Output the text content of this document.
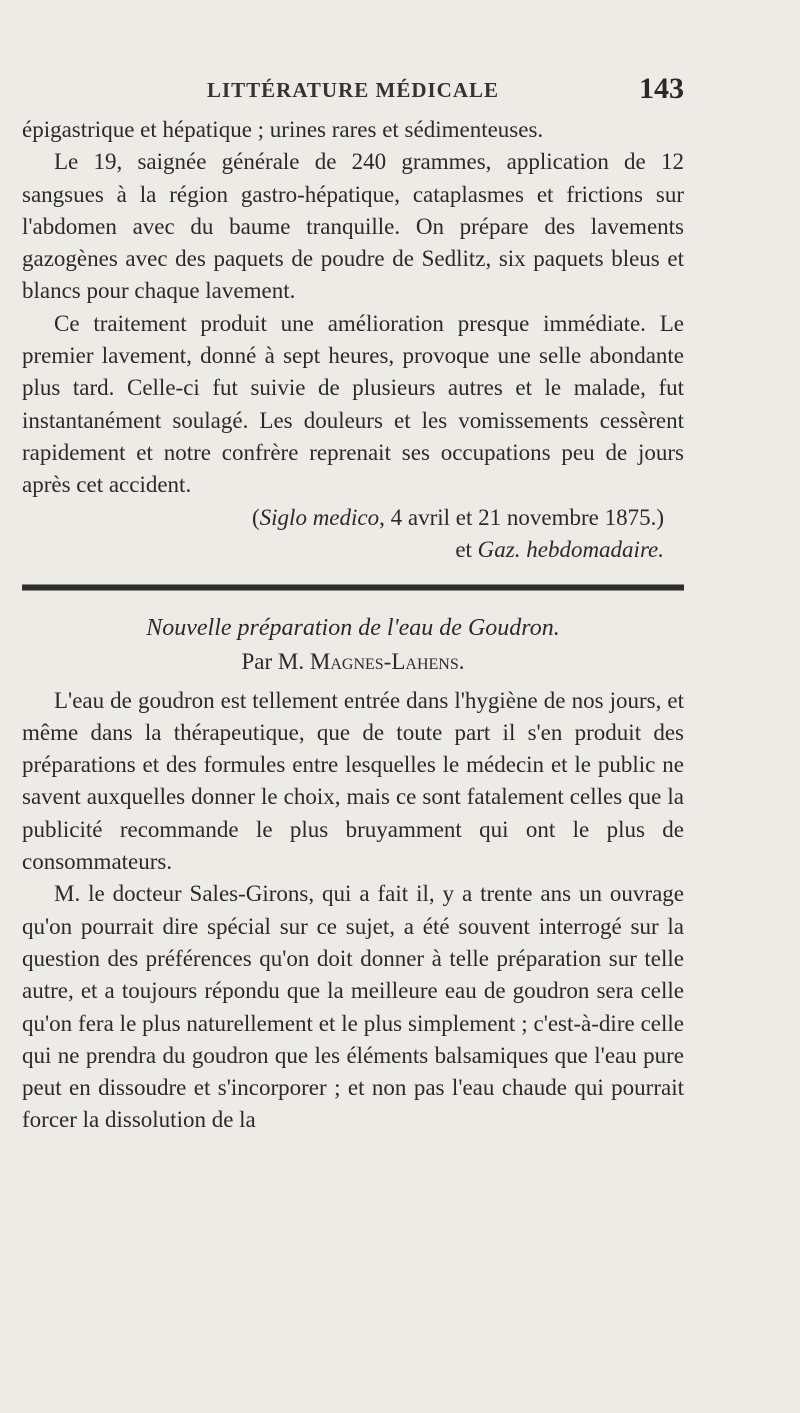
LITTÉRATURE MÉDICALE	143

épigastrique et hépatique ; urines rares et sédimenteuses.

Le 19, saignée générale de 240 grammes, application de 12 sangsues à la région gastro-hépatique, cataplasmes et frictions sur l'abdomen avec du baume tranquille. On prépare des lavements gazogènes avec des paquets de poudre de Sedlitz, six paquets bleus et blancs pour chaque lavement.

Ce traitement produit une amélioration presque immédiate. Le premier lavement, donné à sept heures, provoque une selle abondante plus tard. Celle-ci fut suivie de plusieurs autres et le malade, fut instantanément soulagé. Les douleurs et les vomissements cessèrent rapidement et notre confrère reprenait ses occupations peu de jours après cet accident.

(Siglo medico, 4 avril et 21 novembre 1875.)
et Gaz. hebdomadaire.
Nouvelle préparation de l'eau de Goudron.
Par M. Magnes-Lahens.

L'eau de goudron est tellement entrée dans l'hygiène de nos jours, et même dans la thérapeutique, que de toute part il s'en produit des préparations et des formules entre lesquelles le médecin et le public ne savent auxquelles donner le choix, mais ce sont fatalement celles que la publicité recommande le plus bruyamment qui ont le plus de consommateurs.

M. le docteur Sales-Girons, qui a fait il, y a trente ans un ouvrage qu'on pourrait dire spécial sur ce sujet, a été souvent interrogé sur la question des préférences qu'on doit donner à telle préparation sur telle autre, et a toujours répondu que la meilleure eau de goudron sera celle qu'on fera le plus naturellement et le plus simplement ; c'est-à-dire celle qui ne prendra du goudron que les éléments balsamiques que l'eau pure peut en dissoudre et s'incorporer ; et non pas l'eau chaude qui pourrait forcer la dissolution de la
